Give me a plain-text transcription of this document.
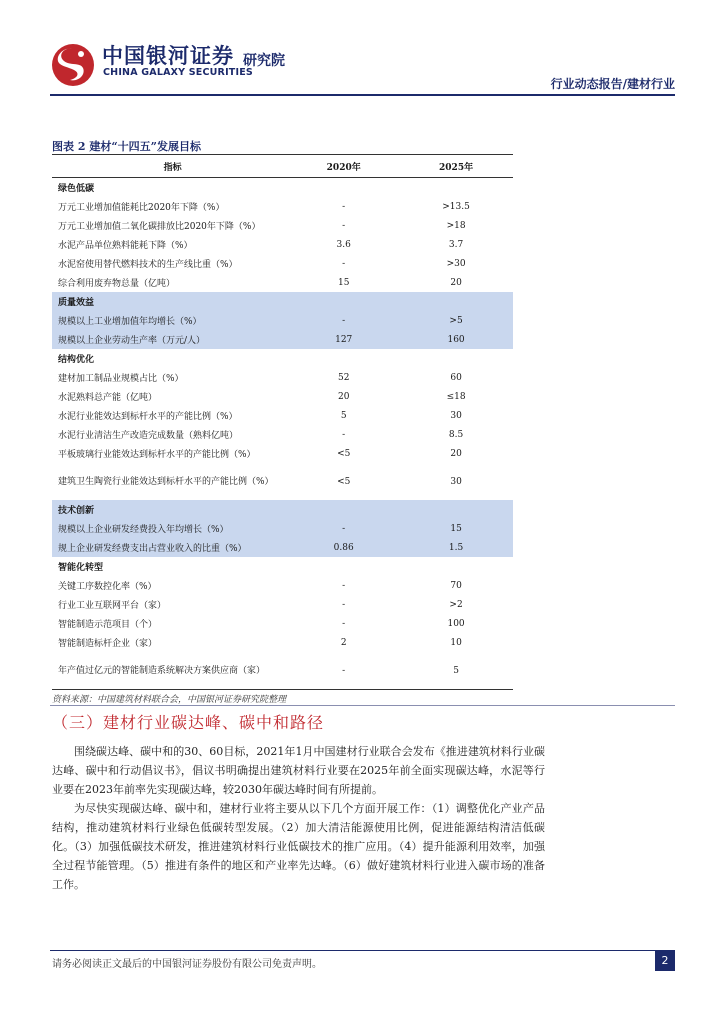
中国银河证券 研究院
CHINA GALAXY SECURITIES
行业动态报告/建材行业
图表 2 建材“十四五”发展目标
指标	2020年	2025年
绿色低碳		
万元工业增加值能耗比2020年下降（%）	-	>13.5
万元工业增加值二氧化碳排放比2020年下降（%）	-	>18
水泥产品单位熟料能耗下降（%）	3.6	3.7
水泥窑使用替代燃料技术的生产线比重（%）	-	>30
综合利用废弃物总量（亿吨）	15	20
质量效益		
规模以上工业增加值年均增长（%）	-	>5
规模以上企业劳动生产率（万元/人）	127	160
结构优化		
建材加工制品业规模占比（%）	52	60
水泥熟料总产能（亿吨）	20	≤18
水泥行业能效达到标杆水平的产能比例（%）	5	30
水泥行业清洁生产改造完成数量（熟料亿吨）	-	8.5
平板玻璃行业能效达到标杆水平的产能比例（%）	<5	20
建筑卫生陶瓷行业能效达到标杆水平的产能比例（%）	<5	30
技术创新		
规模以上企业研发经费投入年均增长（%）	-	15
规上企业研发经费支出占营业收入的比重（%）	0.86	1.5
智能化转型		
关键工序数控化率（%）	-	70
行业工业互联网平台（家）	-	>2
智能制造示范项目（个）	-	100
智能制造标杆企业（家）	2	10
年产值过亿元的智能制造系统解决方案供应商（家）	-	5
资料来源：中国建筑材料联合会，中国银河证券研究院整理
（三）建材行业碳达峰、碳中和路径
围绕碳达峰、碳中和的30、60目标，2021年1月中国建材行业联合会发布《推进建筑材料行业碳达峰、碳中和行动倡议书》，倡议书明确提出建筑材料行业要在2025年前全面实现碳达峰，水泥等行业要在2023年前率先实现碳达峰，较2030年碳达峰时间有所提前。
为尽快实现碳达峰、碳中和，建材行业将主要从以下几个方面开展工作：（1）调整优化产业产品结构，推动建筑材料行业绿色低碳转型发展。（2）加大清洁能源使用比例，促进能源结构清洁低碳化。（3）加强低碳技术研发，推进建筑材料行业低碳技术的推广应用。（4）提升能源利用效率，加强全过程节能管理。（5）推进有条件的地区和产业率先达峰。（6）做好建筑材料行业进入碳市场的准备工作。
请务必阅读正文最后的中国银河证券股份有限公司免责声明。	2
